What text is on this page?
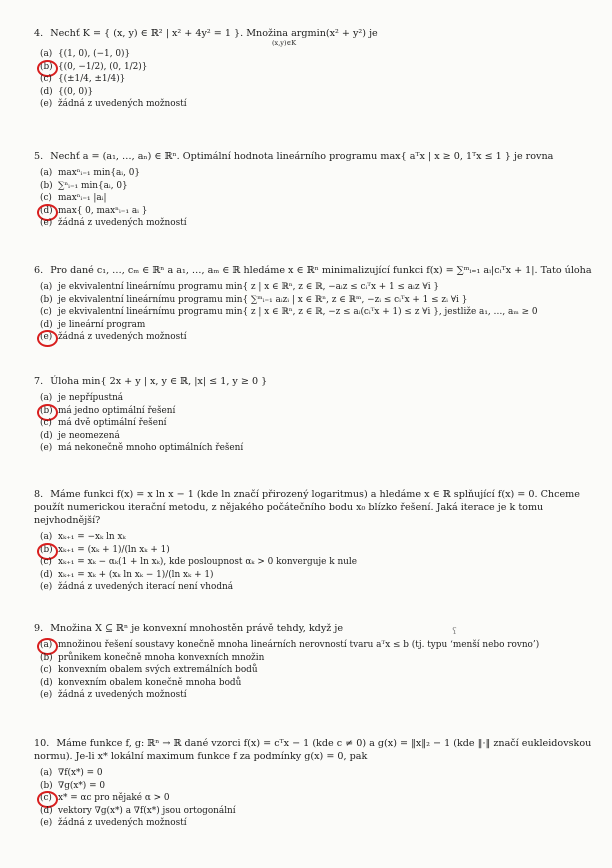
4. Nechť K = { (x, y) ∈ ℝ² | x² + 4y² = 1 }. Množina argmin(x² + y²) je
(x,y)∈K
(a) {(1, 0), (−1, 0)}
(b) {(0, −1/2), (0, 1/2)}
(c) {(±1/4, ±1/4)}
(d) {(0, 0)}
(e) žádná z uvedených možností
5. Nechť a = (a₁, …, aₙ) ∈ ℝⁿ. Optimální hodnota lineárního programu max{ aᵀx | x ≥ 0, 1ᵀx ≤ 1 } je rovna
(a) maxⁿᵢ₌₁ min{aᵢ, 0}
(b) ∑ⁿᵢ₌₁ min{aᵢ, 0}
(c) maxⁿᵢ₌₁ |aᵢ|
(d) max{ 0, maxⁿᵢ₌₁ aᵢ }
(e) žádná z uvedených možností
6. Pro dané c₁, …, cₘ ∈ ℝⁿ a a₁, …, aₘ ∈ ℝ hledáme x ∈ ℝⁿ minimalizující funkci f(x) = ∑ᵐᵢ₌₁ aᵢ|cᵢᵀx + 1|. Tato úloha
(a) je ekvivalentní lineárnímu programu min{ z | x ∈ ℝⁿ, z ∈ ℝ, −aᵢz ≤ cᵢᵀx + 1 ≤ aᵢz ∀i }
(b) je ekvivalentní lineárnímu programu min{ ∑ᵐᵢ₌₁ aᵢzᵢ | x ∈ ℝⁿ, z ∈ ℝᵐ, −zᵢ ≤ cᵢᵀx + 1 ≤ zᵢ ∀i }
(c) je ekvivalentní lineárnímu programu min{ z | x ∈ ℝⁿ, z ∈ ℝ, −z ≤ aᵢ(cᵢᵀx + 1) ≤ z ∀i }, jestliže a₁, …, aₘ ≥ 0
(d) je lineární program
(e) žádná z uvedených možností
7. Úloha min{ 2x + y | x, y ∈ ℝ, |x| ≤ 1, y ≥ 0 }
(a) je nepřípustná
(b) má jedno optimální řešení
(c) má dvě optimální řešení
(d) je neomezená
(e) má nekonečně mnoho optimálních řešení
8. Máme funkci f(x) = x ln x − 1 (kde ln značí přirozený logaritmus) a hledáme x ∈ ℝ splňující f(x) = 0. Chceme použít numerickou iterační metodu, z nějakého počátečního bodu x₀ blízko řešení. Jaká iterace je k tomu nejvhodnější?
(a) xₖ₊₁ = −xₖ ln xₖ
(b) xₖ₊₁ = (xₖ + 1)/(ln xₖ + 1)
(c) xₖ₊₁ = xₖ − αₖ(1 + ln xₖ), kde posloupnost αₖ > 0 konverguje k nule
(d) xₖ₊₁ = xₖ + (xₖ ln xₖ − 1)/(ln xₖ + 1)
(e) žádná z uvedených iterací není vhodná
9. Množina X ⊆ ℝⁿ je konvexní mnohostěn právě tehdy, když je
(a) množinou řešení soustavy konečně mnoha lineárních nerovností tvaru aᵀx ≤ b (tj. typu ‘menší nebo rovno’)
(b) průnikem konečně mnoha konvexních množin
(c) konvexním obalem svých extremálních bodů
(d) konvexním obalem konečně mnoha bodů
(e) žádná z uvedených možností
10. Máme funkce f, g: ℝⁿ → ℝ dané vzorci f(x) = cᵀx − 1 (kde c ≠ 0) a g(x) = ‖x‖₂ − 1 (kde ‖·‖ značí eukleidovskou normu). Je-li x* lokální maximum funkce f za podmínky g(x) = 0, pak
(a) ∇f(x*) = 0
(b) ∇g(x*) = 0
(c) x* = αc pro nějaké α > 0
(d) vektory ∇g(x*) a ∇f(x*) jsou ortogonální
(e) žádná z uvedených možností
ʕ
